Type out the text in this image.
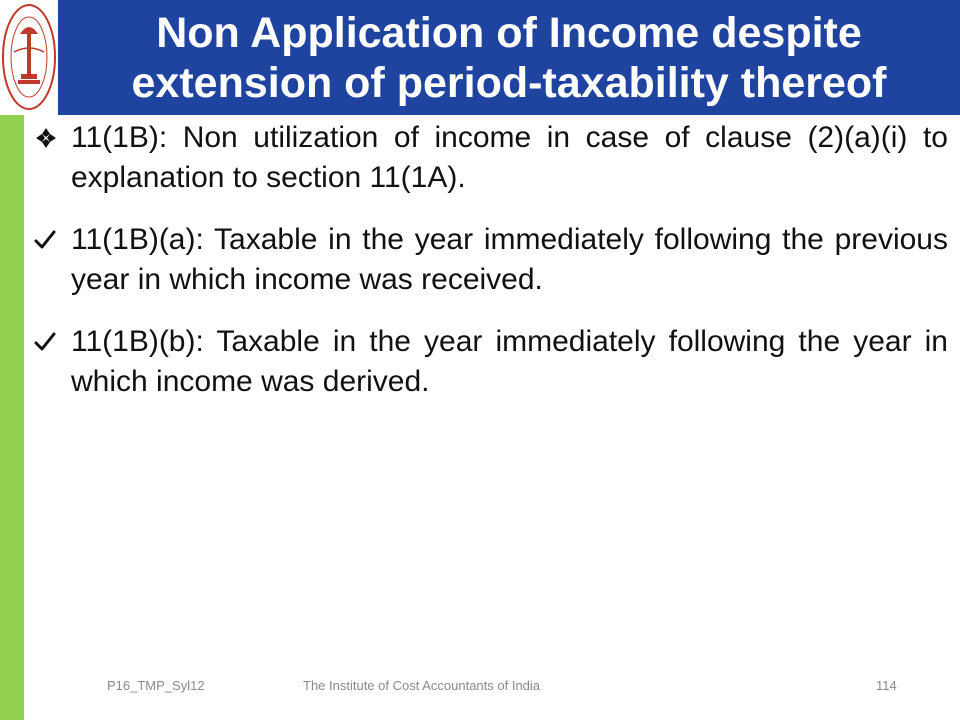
Non Application of Income despite
extension of period-taxability thereof
11(1B): Non utilization of income in case of clause (2)(a)(i) to explanation to section 11(1A).
11(1B)(a): Taxable in the year immediately following the previous year in which income was received.
11(1B)(b): Taxable in the year immediately following the year in which income was derived.
P16_TMP_Syl12	The Institute of Cost Accountants of India	114
